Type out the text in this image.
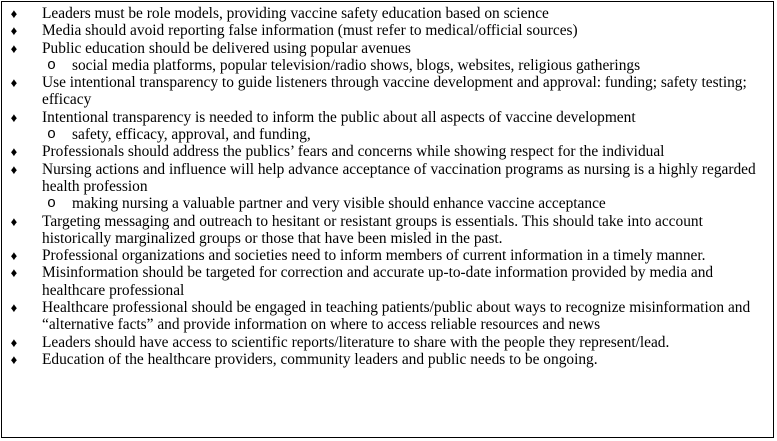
♦ Leaders must be role models, providing vaccine safety education based on science
♦ Media should avoid reporting false information (must refer to medical/official sources)
♦ Public education should be delivered using popular avenues
o social media platforms, popular television/radio shows, blogs, websites, religious gatherings
♦ Use intentional transparency to guide listeners through vaccine development and approval: funding; safety testing; efficacy
♦ Intentional transparency is needed to inform the public about all aspects of vaccine development
o safety, efficacy, approval, and funding,
♦ Professionals should address the publics’ fears and concerns while showing respect for the individual
♦ Nursing actions and influence will help advance acceptance of vaccination programs as nursing is a highly regarded health profession
o making nursing a valuable partner and very visible should enhance vaccine acceptance
♦ Targeting messaging and outreach to hesitant or resistant groups is essentials. This should take into account historically marginalized groups or those that have been misled in the past.
♦ Professional organizations and societies need to inform members of current information in a timely manner.
♦ Misinformation should be targeted for correction and accurate up-to-date information provided by media and healthcare professional
♦ Healthcare professional should be engaged in teaching patients/public about ways to recognize misinformation and “alternative facts” and provide information on where to access reliable resources and news
♦ Leaders should have access to scientific reports/literature to share with the people they represent/lead.
♦ Education of the healthcare providers, community leaders and public needs to be ongoing.
